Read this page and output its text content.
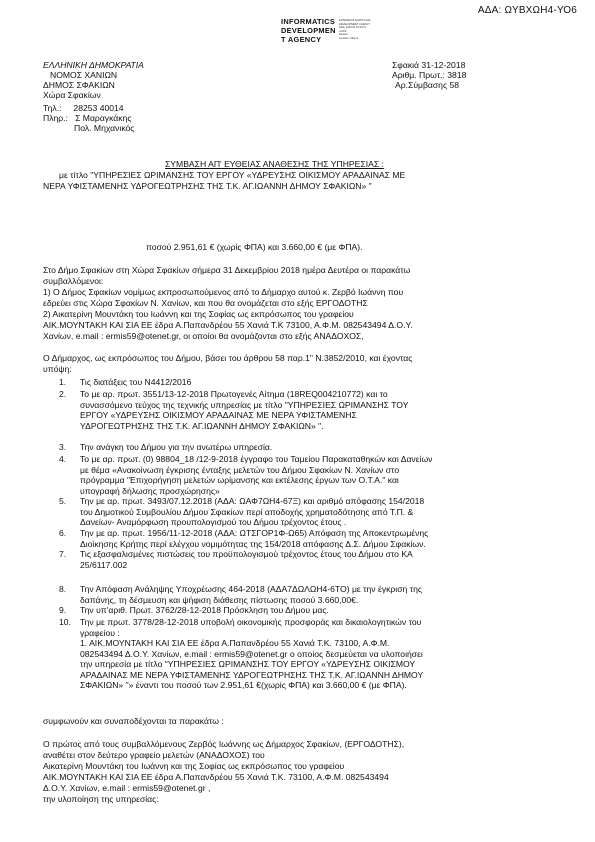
ΑΔΑ: ΩΥΒΧΩΗ4-ΥΟ6
INFORMATICS
DEVELOPMEN
T AGENCY
ΕΝΤΕΛΕΣΑΣ ΑΝΑΠΤΥΞΗΣ
DEVELOPMENT AGENCY
Date: 2019.01.10 09:11
+0200
Reason:
Location: Athens
ΕΛΛΗΝΙΚΗ ΔΗΜΟΚΡΑΤΙΑ
ΝΟΜΟΣ ΧΑΝΙΩΝ
ΔΗΜΟΣ ΣΦΑΚΙΩΝ
Χώρα Σφακίων
Τηλ.:     28253 40014
Πληρ.:   Σ Μαραγκάκης
Πολ. Μηχανικός
Σφακιά 31-12-2018
Αριθμ. Πρωτ.: 3818
Αρ.Σύμβασης 58
ΣΥΜΒΑΣΗ ΑΠ' ΕΥΘΕΙΑΣ ΑΝΑΘΕΣΗΣ ΤΗΣ ΥΠΗΡΕΣΙΑΣ :
με τίτλο "ΥΠΗΡΕΣΙΕΣ ΩΡΙΜΑΝΣΗΣ ΤΟΥ ΕΡΓΟΥ «ΥΔΡΕΥΣΗΣ ΟΙΚΙΣΜΟΥ ΑΡΑΔΑΙΝΑΣ ΜΕ
ΝΕΡΑ ΥΦΙΣΤΑΜΕΝΗΣ ΥΔΡΟΓΕΩΤΡΗΣΗΣ ΤΗΣ Τ.Κ. ΑΓ.ΙΩΑΝΝΗ ΔΗΜΟΥ ΣΦΑΚΙΩΝ» "
ποσού 2.951,61 € (χωρίς ΦΠΑ) και 3.660,00 € (με ΦΠΑ).
Στο Δήμο Σφακίων στη Χώρα Σφακίων σήμερα 31 Δεκεμβρίου 2018 ημέρα Δευτέρα οι παρακάτω
συμβαλλόμενοι:
1) Ο Δήμος Σφακίων νομίμως εκπροσωπούμενος από το Δήμαρχο αυτού κ. Ζερβό Ιωάννη που
εδρεύει στις Χώρα Σφακίων Ν. Χανίων, και που θα ονομάζεται στο εξής ΕΡΓΟΔΟΤΗΣ
2) Αικατερίνη Μουντάκη του Ιωάννη και της Σοφίας ως εκπρόσωπος του γραφείου
ΑΙΚ.ΜΟΥΝΤΑΚΗ ΚΑΙ ΣΙΑ ΕΕ έδρα Α.Παπανδρέου 55 Χανιά Τ.Κ 73100, Α.Φ.Μ. 082543494 Δ.Ο.Υ.
Χανίων, e.mail : ermis59@otenet.gr, οι οποίοι θα ονομάζονται στο εξής ΑΝΑΔΟΧΟΣ,
Ο Δήμαρχος, ως εκπρόσωπος του Δήμου, βάσει του άρθρου 58 παρ.1" Ν.3852/2010, και έχοντας
υπόψη:
1.	Τις διατάξεις του Ν4412/2016
2.	Το με αρ. πρωτ. 3551/13-12-2018 Πρωτογενές Αίτημα (18REQ004210772) και το
συνασσόμενο τεύχος της τεχνικής υπηρεσίας με τίτλο "ΥΠΗΡΕΣΙΕΣ ΩΡΙΜΑΝΣΗΣ ΤΟΥ
ΕΡΓΟΥ «ΥΔΡΕΥΣΗΣ ΟΙΚΙΣΜΟΥ ΑΡΑΔΑΙΝΑΣ ΜΕ ΝΕΡΑ ΥΦΙΣΤΑΜΕΝΗΣ
ΥΔΡΟΓΕΩΤΡΗΣΗΣ ΤΗΣ Τ.Κ. ΑΓ.ΙΩΑΝΝΗ ΔΗΜΟΥ ΣΦΑΚΙΩΝ» ".
3.	Την ανάγκη του Δήμου για την ανωτέρω υπηρεσία.
4.	Το με αρ. πρωτ. (0) 98804_18 /12-9-2018 έγγραφο του Ταμείου Παρακαταθηκών και Δανείων
με θέμα «Ανακοίνωση έγκρισης ένταξης μελετών του Δήμου Σφακίων Ν. Χανίων στο
πρόγραμμα "Επιχορήγηση μελετών ωρίμανσης και εκτέλεσης έργων των Ο.Τ.Α." και
υπογραφή δήλωσης προσχώρησης»
5.	Την με αρ. πρωτ. 3493/07.12.2018 (ΑΔΑ: ΩΑΦ7ΩΗ4-67Ξ) και αριθμό απόφασης 154/2018
του Δημοτικού Συμβουλίου Δήμου Σφακίων περί αποδοχής χρηματοδότησης από Τ.Π. &
Δανείων- Αναμόρφωση προυπολογισμού του Δήμου τρέχοντος έτους .
6.	Την με αρ. πρωτ. 1956/11-12-2018 (ΑΔΑ: ΩΤΣΓΟΡ1Φ-Ω65) Απόφαση της Αποκεντρωμένης
Διοίκησης Κρήτης περί ελέγχου νομιμότητας της 154/2018 απόφασης Δ.Σ. Δήμου Σφακίων.
7.	Τις εξασφαλισμένες πιστώσεις του προϋπολογισμού τρέχοντος έτους του Δήμου στο ΚΑ
25/6117.002
8.	Την Απόφαση Ανάληψης Υποχρέωσης 464-2018 (ΑΔΑ7ΔΩΛΩΗ4-6ΤΟ) με την έγκριση της
δαπάνης, τη δέσμευση και ψήφιση διάθεσης πίστωσης ποσού 3.660,00€.
9.	Την υπ'αριθ. Πρωτ. 3762/28-12-2018 Πρόσκληση του Δήμου μας.
10.	Την με πρωτ. 3778/28-12-2018 υποβολή οικονομικής προσφοράς και δικαιολογητικών του
γραφείου :
1. ΑΙΚ.ΜΟΥΝΤΑΚΗ ΚΑΙ ΣΙΑ ΕΕ έδρα Α.Παπανδρέου 55 Χανιά Τ.Κ. 73100, Α.Φ.Μ.
082543494 Δ.Ο.Υ. Χανίων, e.mail : ermis59@otenet.gr ο οποίος δεσμεύεται να υλοποιήσει
την υπηρεσία με τίτλο "ΥΠΗΡΕΣΙΕΣ ΩΡΙΜΑΝΣΗΣ ΤΟΥ ΕΡΓΟΥ «ΥΔΡΕΥΣΗΣ ΟΙΚΙΣΜΟΥ
ΑΡΑΔΑΙΝΑΣ ΜΕ ΝΕΡΑ ΥΦΙΣΤΑΜΕΝΗΣ ΥΔΡΟΓΕΩΤΡΗΣΗΣ ΤΗΣ Τ.Κ. ΑΓ.ΙΩΑΝΝΗ ΔΗΜΟΥ
ΣΦΑΚΙΩΝ» "» έναντι του ποσού των 2.951,61 €(χωρίς ΦΠΑ) και 3.660,00 € (με ΦΠΑ).
συμφωνούν και συναποδέχονται τα παρακάτω :
Ο πρώτος από τους συμβαλλόμενους Ζερβός Ιωάννης ως Δήμαρχος Σφακίων, (ΕΡΓΟΔΟΤΗΣ),
αναθέτει στον δεύτερο γραφείο μελετών (ΑΝΑΔΟΧΟΣ) του
Αικατερίνη Μουντάκη του Ιωάννη και της Σοφίας ως εκπρόσωπος του γραφείου
ΑΙΚ.ΜΟΥΝΤΑΚΗ ΚΑΙ ΣΙΑ ΕΕ έδρα Α.Παπανδρέου 55 Χανιά Τ.Κ. 73100, Α.Φ.Μ. 082543494
Δ.Ο.Υ. Χανίων, e.mail : ermis59@otenet.gr ,
την υλοποίηση της υπηρεσίας:
